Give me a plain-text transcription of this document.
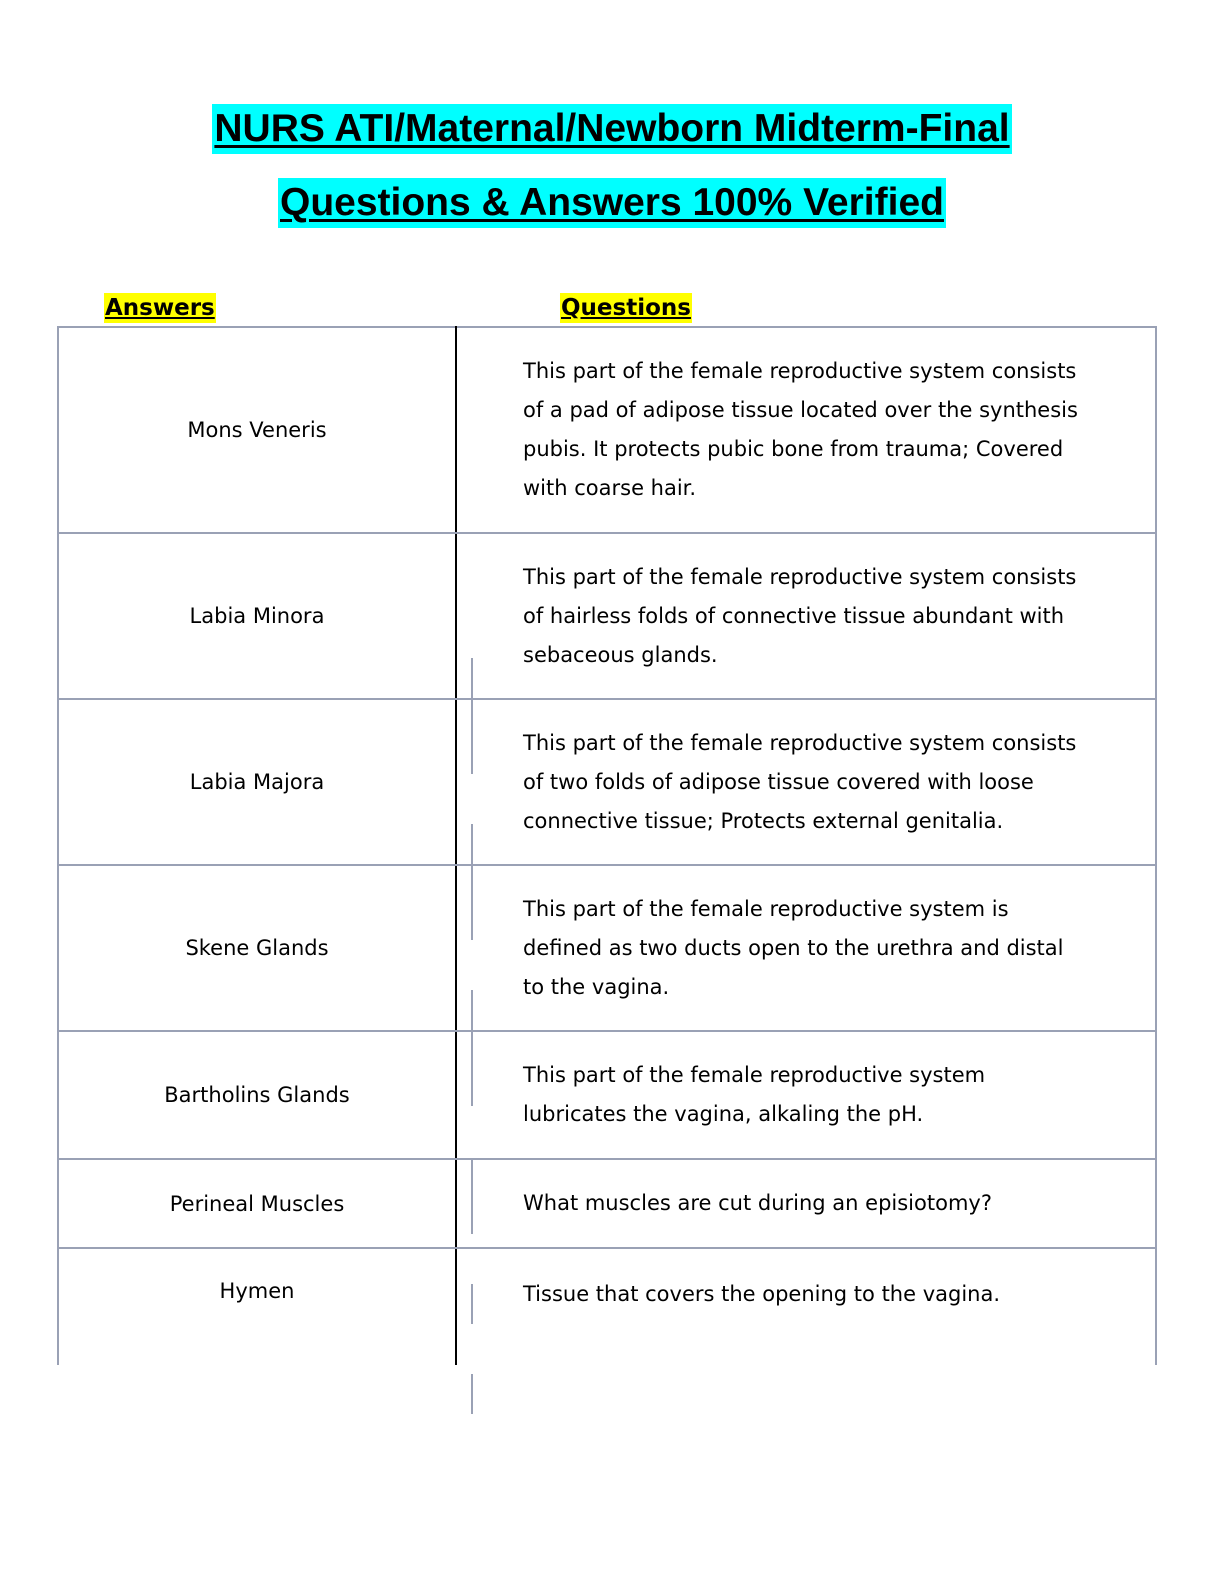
NURS ATI/Maternal/Newborn Midterm-Final
Questions & Answers 100% Verified
Answers	Questions
Mons Veneris	This part of the female reproductive system consists of a pad of adipose tissue located over the synthesis pubis. It protects pubic bone from trauma; Covered with coarse hair.
Labia Minora	This part of the female reproductive system consists of hairless folds of connective tissue abundant with sebaceous glands.
Labia Majora	This part of the female reproductive system consists of two folds of adipose tissue covered with loose connective tissue; Protects external genitalia.
Skene Glands	This part of the female reproductive system is defined as two ducts open to the urethra and distal to the vagina.
Bartholins Glands	This part of the female reproductive system lubricates the vagina, alkaling the pH.
Perineal Muscles	What muscles are cut during an episiotomy?
Hymen	Tissue that covers the opening to the vagina.
